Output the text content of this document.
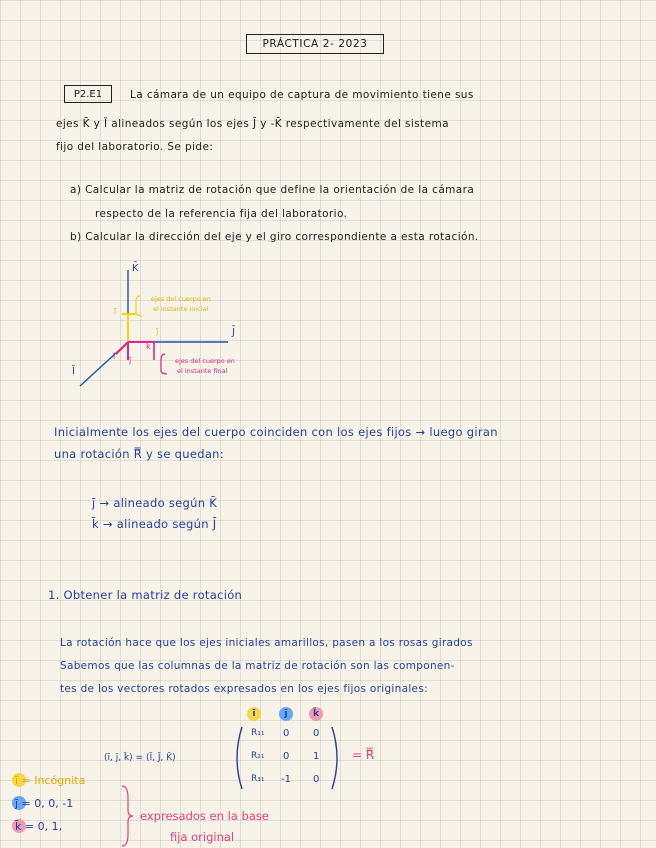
PRÁCTICA 2- 2023
P2.E1	La cámara de un equipo de captura de movimiento tiene sus
ejes K̄ y Ī alineados según los ejes J̄ y -K̄ respectivamente del sistema
fijo del laboratorio. Se pide:
a) Calcular la matriz de rotación que define la orientación de la cámara
respecto de la referencia fija del laboratorio.
b) Calcular la dirección del eje y el giro correspondiente a esta rotación.
K̄
J̄
Ī
ī
j̄
k̄
ī j̄
ejes del cuerpo en
el instante inicial
ejes del cuerpo en
el instante final
Inicialmente los ejes del cuerpo coinciden con los ejes fijos → luego giran
una rotación R̿ y se quedan:
j̄ → alineado según K̄
k̄ → alineado según J̄
1. Obtener la matriz de rotación
La rotación hace que los ejes iniciales amarillos, pasen a los rosas girados
Sabemos que las columnas de la matriz de rotación son las componen-
tes de los vectores rotados expresados en los ejes fijos originales:
ī	j̄	k̄
(ī, j̄, k̄) = (Ī, J̄, K̄)
R₁₁ 0 0
R₂₁ 0 1
R₃₁ -1 0
= R̿
ī = Incógnita
j̄ = 0, 0, -1
k̄ = 0, 1,
expresados en la base
fija original
